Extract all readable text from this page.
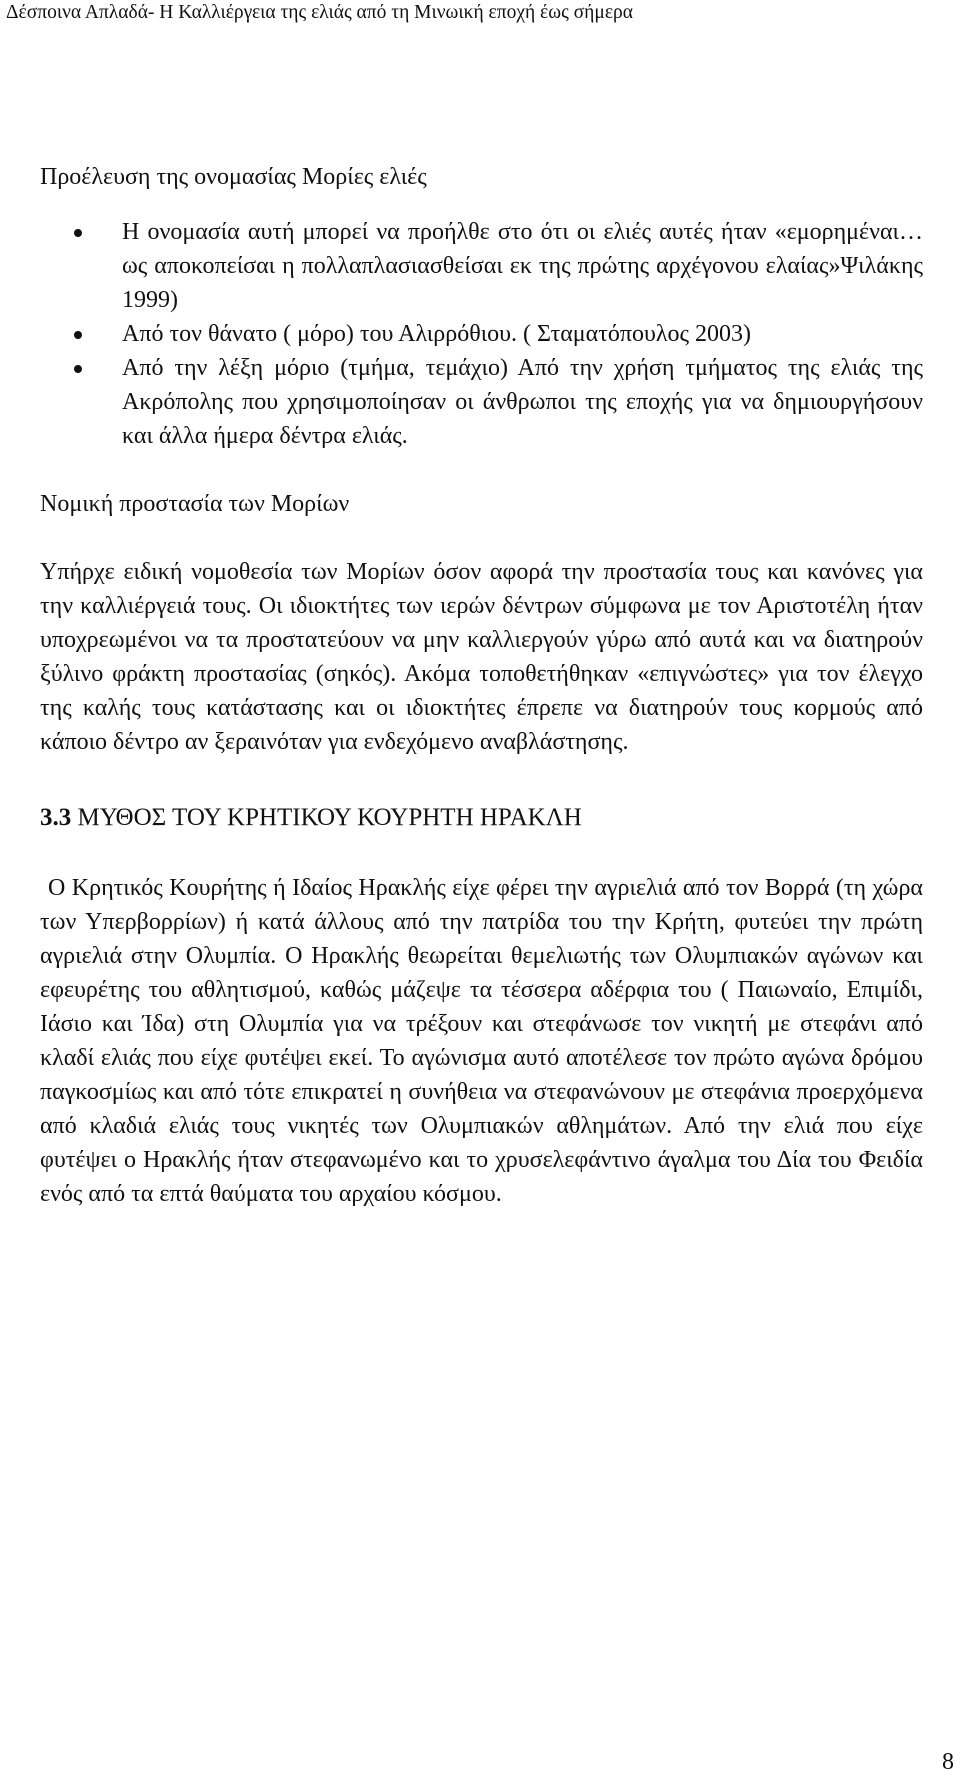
Δέσποινα Απλαδά- Η Καλλιέργεια της ελιάς από τη Μινωική εποχή έως σήμερα
Προέλευση της ονομασίας Μορίες ελιές
Η ονομασία αυτή μπορεί να προήλθε στο ότι οι ελιές αυτές ήταν «εμορημέναι… ως αποκοπείσαι η πολλαπλασιασθείσαι εκ της πρώτης αρχέγονου ελαίας»Ψιλάκης 1999)
Από τον θάνατο ( μόρο) του Αλιρρόθιου. ( Σταματόπουλος 2003)
Από την λέξη μόριο (τμήμα, τεμάχιο) Από την χρήση τμήματος της ελιάς της Ακρόπολης που χρησιμοποίησαν οι άνθρωποι της εποχής για να δημιουργήσουν και άλλα ήμερα δέντρα ελιάς.
Νομική προστασία των Μορίων

Υπήρχε ειδική νομοθεσία των Μορίων όσον αφορά την προστασία τους και κανόνες για την καλλιέργειά τους. Οι ιδιοκτήτες των ιερών δέντρων σύμφωνα με τον Αριστοτέλη ήταν υποχρεωμένοι να τα προστατεύουν να μην καλλιεργούν γύρω από αυτά και να διατηρούν ξύλινο φράκτη προστασίας (σηκός). Ακόμα τοποθετήθηκαν «επιγνώστες» για τον έλεγχο της καλής τους κατάστασης και οι ιδιοκτήτες έπρεπε να διατηρούν τους κορμούς από κάποιο δέντρο αν ξεραινόταν για ενδεχόμενο αναβλάστησης.

3.3 ΜΥΘΟΣ ΤΟΥ ΚΡΗΤΙΚΟΥ ΚΟΥΡΗΤΗ ΗΡΑΚΛΗ

Ο Κρητικός Κουρήτης ή Ιδαίος Ηρακλής είχε φέρει την αγριελιά από τον Βορρά (τη χώρα των Υπερβορρίων) ή κατά άλλους από την πατρίδα του την Κρήτη, φυτεύει την πρώτη αγριελιά στην Ολυμπία. Ο Ηρακλής θεωρείται θεμελιωτής των Ολυμπιακών αγώνων και εφευρέτης του αθλητισμού, καθώς μάζεψε τα τέσσερα αδέρφια του ( Παιωναίο, Επιμίδι, Ιάσιο και Ίδα) στη Ολυμπία για να τρέξουν και στεφάνωσε τον νικητή με στεφάνι από κλαδί ελιάς που είχε φυτέψει εκεί. Το αγώνισμα αυτό αποτέλεσε τον πρώτο αγώνα δρόμου παγκοσμίως και από τότε επικρατεί η συνήθεια να στεφανώνουν με στεφάνια προερχόμενα από κλαδιά ελιάς τους νικητές των Ολυμπιακών αθλημάτων. Από την ελιά που είχε φυτέψει ο Ηρακλής ήταν στεφανωμένο και το χρυσελεφάντινο άγαλμα του Δία του Φειδία ενός από τα επτά θαύματα του αρχαίου κόσμου.

8
